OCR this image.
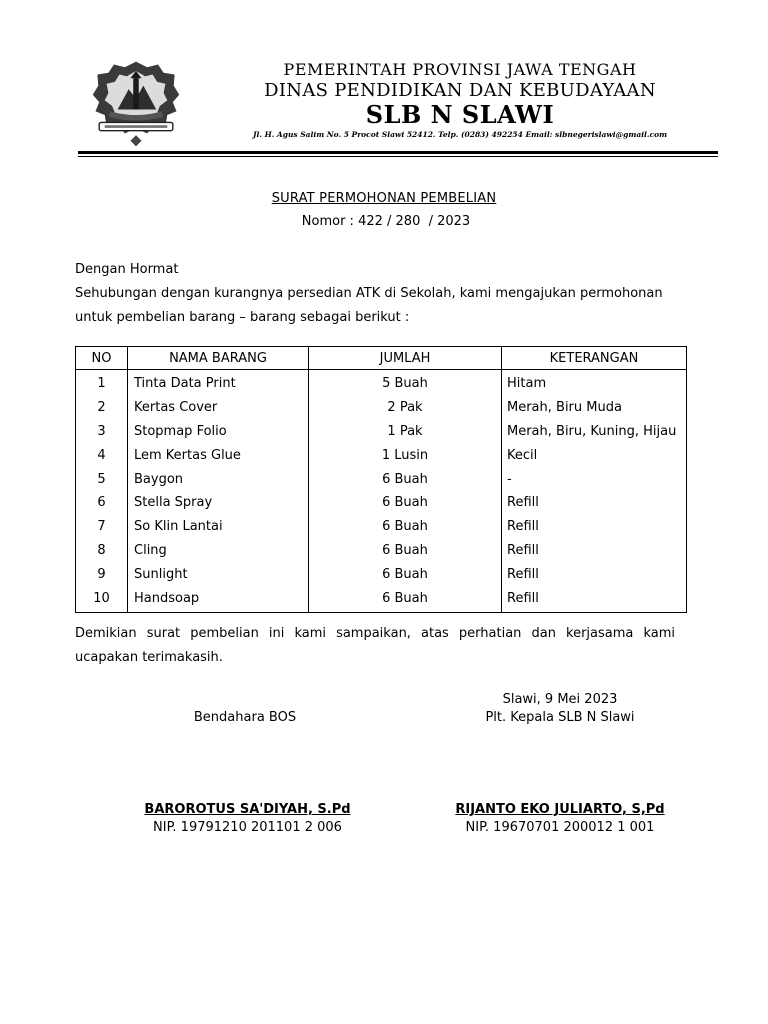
PEMERINTAH PROVINSI JAWA TENGAH
DINAS PENDIDIKAN DAN KEBUDAYAAN
SLB N SLAWI
Jl. H. Agus Salim No. 5 Procot Slawi 52412. Telp. (0283) 492254 Email: slbnegerislawi@gmail.com
SURAT PERMOHONAN PEMBELIAN
Nomor : 422 / 280  / 2023
Dengan Hormat
Sehubungan dengan kurangnya persedian ATK di Sekolah, kami mengajukan permohonan
untuk pembelian barang – barang sebagai berikut :
NO	NAMA BARANG	JUMLAH	KETERANGAN
1	Tinta Data Print	5 Buah	Hitam
2	Kertas Cover	2 Pak	Merah, Biru Muda
3	Stopmap Folio	1 Pak	Merah, Biru, Kuning, Hijau
4	Lem Kertas Glue	1 Lusin	Kecil
5	Baygon	6 Buah	-
6	Stella Spray	6 Buah	Refill
7	So Klin Lantai	6 Buah	Refill
8	Cling	6 Buah	Refill
9	Sunlight	6 Buah	Refill
10	Handsoap	6 Buah	Refill
Demikian surat pembelian ini kami sampaikan, atas perhatian dan kerjasama kami
ucapakan terimakasih.
Slawi, 9 Mei 2023
Bendahara BOS	Plt. Kepala SLB N Slawi
BAROROTUS SA'DIYAH, S.Pd	RIJANTO EKO JULIARTO, S,Pd
NIP. 19791210 201101 2 006	NIP. 19670701 200012 1 001
